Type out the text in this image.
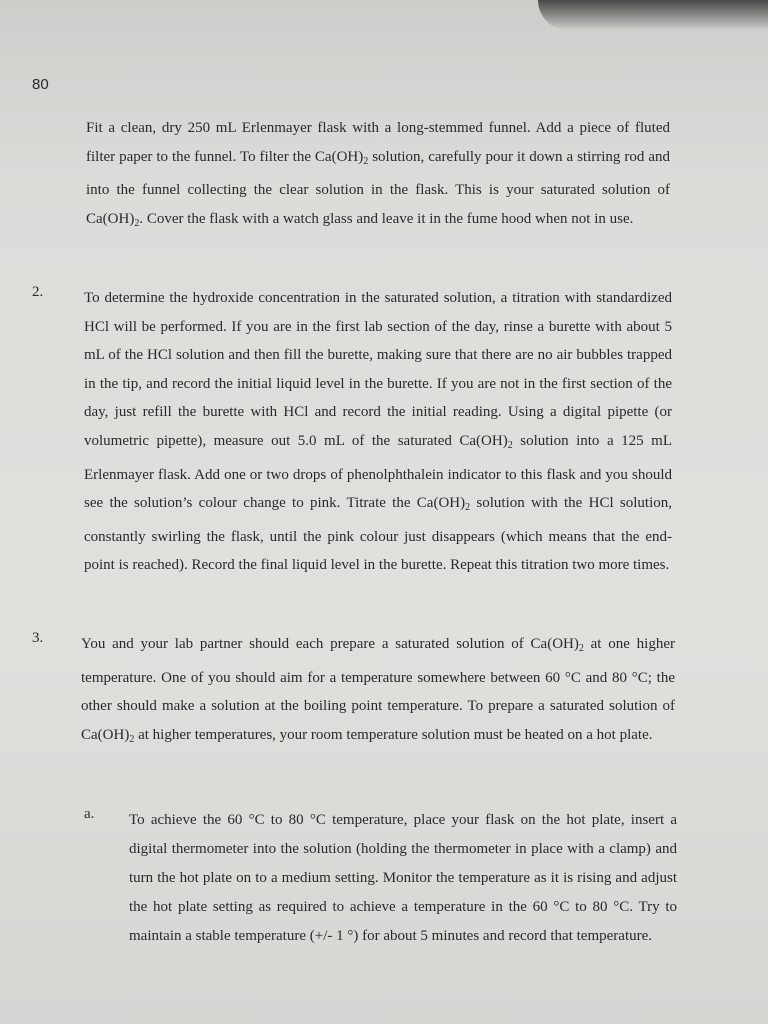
80

Fit a clean, dry 250 mL Erlenmayer flask with a long-stemmed funnel. Add a piece of fluted filter paper to the funnel. To filter the $Ca(OH)_2$ solution, carefully pour it down a stirring rod and into the funnel collecting the clear solution in the flask. This is your saturated solution of $Ca(OH)_2$. Cover the flask with a watch glass and leave it in the fume hood when not in use.

2.	To determine the hydroxide concentration in the saturated solution, a titration with standardized HCl will be performed. If you are in the first lab section of the day, rinse a burette with about 5 mL of the HCl solution and then fill the burette, making sure that there are no air bubbles trapped in the tip, and record the initial liquid level in the burette. If you are not in the first section of the day, just refill the burette with HCl and record the initial reading. Using a digital pipette (or volumetric pipette), measure out 5.0 mL of the saturated $Ca(OH)_2$ solution into a 125 mL Erlenmayer flask. Add one or two drops of phenolphthalein indicator to this flask and you should see the solution’s colour change to pink. Titrate the $Ca(OH)_2$ solution with the HCl solution, constantly swirling the flask, until the pink colour just disappears (which means that the end-point is reached). Record the final liquid level in the burette. Repeat this titration two more times.

3.	You and your lab partner should each prepare a saturated solution of $Ca(OH)_2$ at one higher temperature. One of you should aim for a temperature somewhere between 60 °C and 80 °C; the other should make a solution at the boiling point temperature. To prepare a saturated solution of $Ca(OH)_2$ at higher temperatures, your room temperature solution must be heated on a hot plate.

a. To achieve the 60 °C to 80 °C temperature, place your flask on the hot plate, insert a digital thermometer into the solution (holding the thermometer in place with a clamp) and turn the hot plate on to a medium setting. Monitor the temperature as it is rising and adjust the hot plate setting as required to achieve a temperature in the 60 °C to 80 °C. Try to maintain a stable temperature (+/- 1 °) for about 5 minutes and record that temperature.
